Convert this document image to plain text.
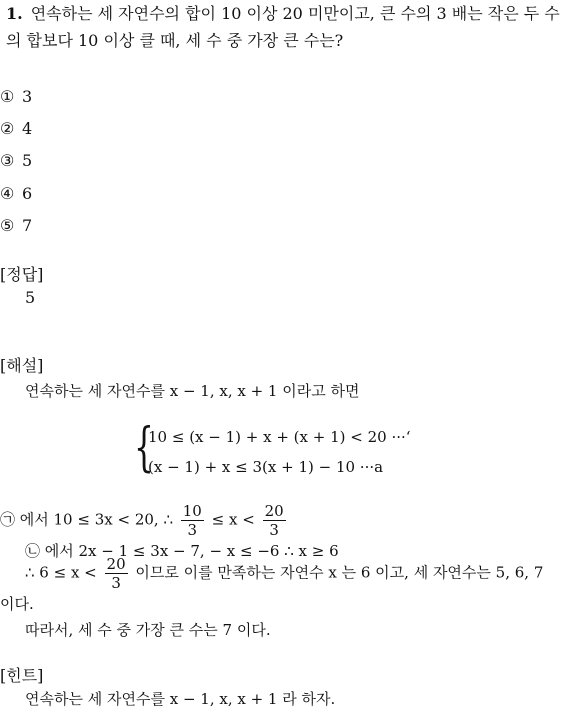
1. 연속하는 세 자연수의 합이 10 이상 20 미만이고, 큰 수의 3 배는 작은 두 수의 합보다 10 이상 클 때, 세 수 중 가장 큰 수는?
① 3
② 4
③ 5
④ 6
⑤ 7
[정답]
5
[해설]
연속하는 세 자연수를 x − 1, x, x + 1 이라고 하면
{
10 ≤ (x − 1) + x + (x + 1) < 20 ···‘
(x − 1) + x ≤ 3(x + 1) − 10 ···a
㉠ 에서 10 ≤ 3x < 20, ∴ $\frac{10}{3} \le x < \frac{20}{3}$
㉡ 에서 2x − 1 ≤ 3x − 7, − x ≤ −6 ∴ x ≥ 6
∴ $6 \le x < \frac{20}{3}$ 이므로 이를 만족하는 자연수 x 는 6 이고, 세 자연수는 5, 6, 7
이다.
따라서, 세 수 중 가장 큰 수는 7 이다.
[힌트]
연속하는 세 자연수를 x − 1, x, x + 1 라 하자.
